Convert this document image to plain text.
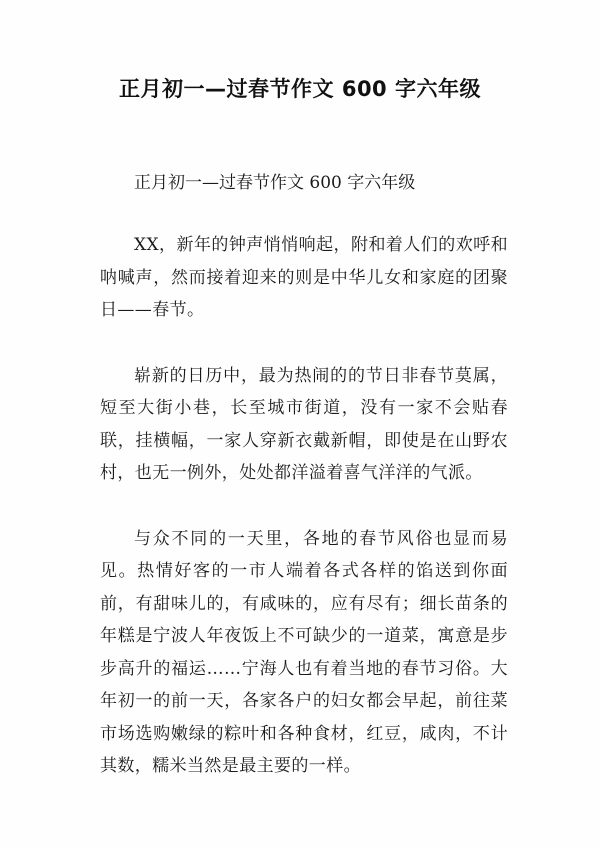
正月初一—过春节作文 600 字六年级

正月初一—过春节作文 600 字六年级

XX，新年的钟声悄悄响起，附和着人们的欢呼和呐喊声，然而接着迎来的则是中华儿女和家庭的团聚日——春节。

崭新的日历中，最为热闹的的节日非春节莫属，短至大街小巷，长至城市街道，没有一家不会贴春联，挂横幅，一家人穿新衣戴新帽，即使是在山野农村，也无一例外，处处都洋溢着喜气洋洋的气派。

与众不同的一天里，各地的春节风俗也显而易见。热情好客的一市人端着各式各样的馅送到你面前，有甜味儿的，有咸味的，应有尽有；细长苗条的年糕是宁波人年夜饭上不可缺少的一道菜，寓意是步步高升的福运……宁海人也有着当地的春节习俗。大年初一的前一天，各家各户的妇女都会早起，前往菜市场选购嫩绿的粽叶和各种食材，红豆，咸肉，不计其数，糯米当然是最主要的一样。
